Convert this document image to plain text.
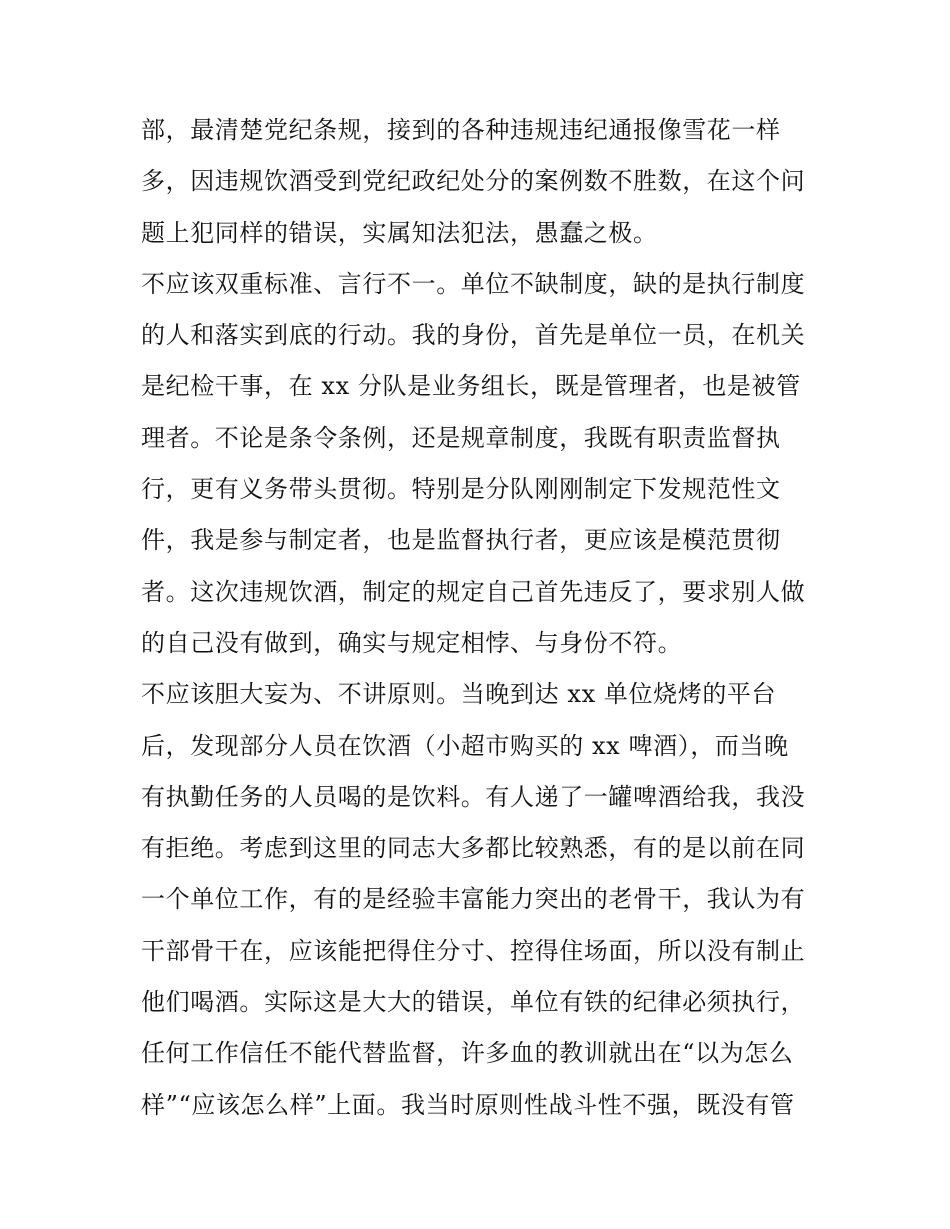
部，最清楚党纪条规，接到的各种违规违纪通报像雪花一样
多，因违规饮酒受到党纪政纪处分的案例数不胜数，在这个问
题上犯同样的错误，实属知法犯法，愚蠢之极。
不应该双重标准、言行不一。单位不缺制度，缺的是执行制度
的人和落实到底的行动。我的身份，首先是单位一员，在机关
是纪检干事，在 xx 分队是业务组长，既是管理者，也是被管
理者。不论是条令条例，还是规章制度，我既有职责监督执
行，更有义务带头贯彻。特别是分队刚刚制定下发规范性文
件，我是参与制定者，也是监督执行者，更应该是模范贯彻
者。这次违规饮酒，制定的规定自己首先违反了，要求别人做
的自己没有做到，确实与规定相悖、与身份不符。
不应该胆大妄为、不讲原则。当晚到达 xx 单位烧烤的平台
后，发现部分人员在饮酒（小超市购买的 xx 啤酒），而当晚
有执勤任务的人员喝的是饮料。有人递了一罐啤酒给我，我没
有拒绝。考虑到这里的同志大多都比较熟悉，有的是以前在同
一个单位工作，有的是经验丰富能力突出的老骨干，我认为有
干部骨干在，应该能把得住分寸、控得住场面，所以没有制止
他们喝酒。实际这是大大的错误，单位有铁的纪律必须执行，
任何工作信任不能代替监督，许多血的教训就出在“以为怎么
样”“应该怎么样”上面。我当时原则性战斗性不强，既没有管
